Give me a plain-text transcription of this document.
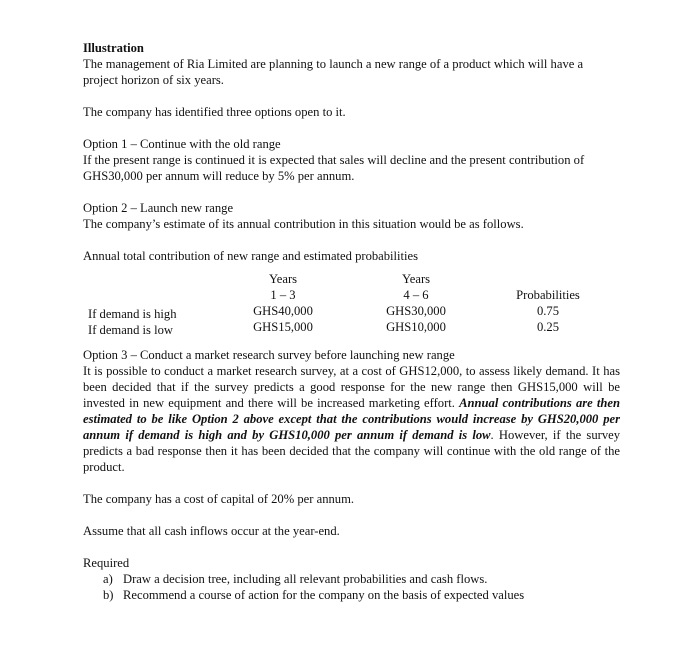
Illustration

The management of Ria Limited are planning to launch a new range of a product which will have a project horizon of six years.

The company has identified three options open to it.

Option 1 – Continue with the old range

If the present range is continued it is expected that sales will decline and the present contribution of GHS30,000 per annum will reduce by 5% per annum.

Option 2 – Launch new range

The company’s estimate of its annual contribution in this situation would be as follows.

Annual total contribution of new range and estimated probabilities

If demand is high
If demand is low
Years
1 – 3
GHS40,000
GHS15,000
Years
4 – 6
GHS30,000
GHS10,000
Probabilities
0.75
0.25

Option 3 – Conduct a market research survey before launching new range

It is possible to conduct a market research survey, at a cost of GHS12,000, to assess likely demand. It has been decided that if the survey predicts a good response for the new range then GHS15,000 will be invested in new equipment and there will be increased marketing effort. Annual contributions are then estimated to be like Option 2 above except that the contributions would increase by GHS20,000 per annum if demand is high and by GHS10,000 per annum if demand is low. However, if the survey predicts a bad response then it has been decided that the company will continue with the old range of the product.

The company has a cost of capital of 20% per annum.

Assume that all cash inflows occur at the year-end.

Required

a) Draw a decision tree, including all relevant probabilities and cash flows.
b) Recommend a course of action for the company on the basis of expected values
